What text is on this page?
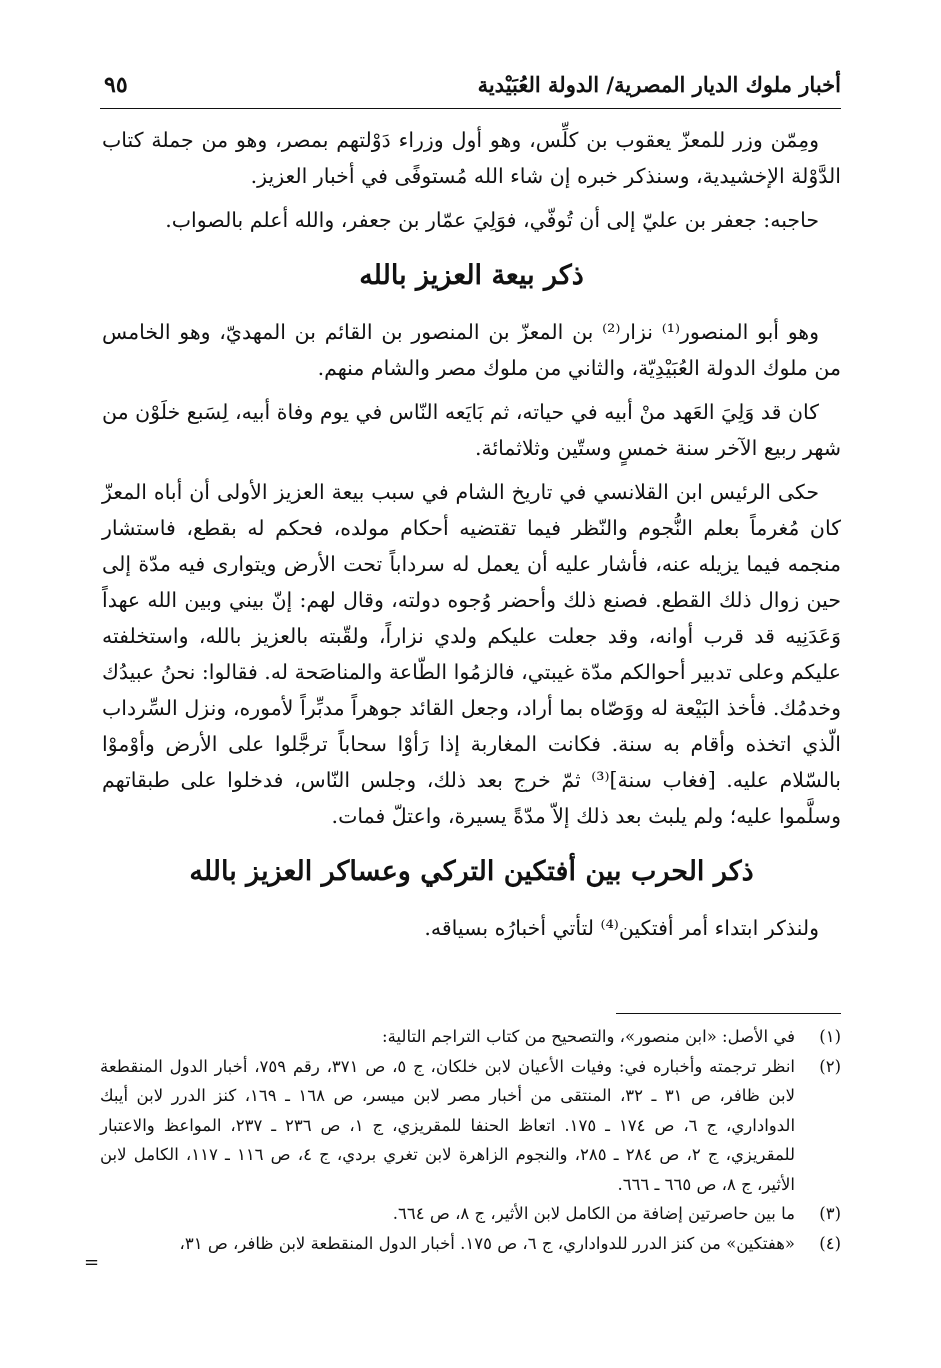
أخبار ملوك الديار المصرية/ الدولة العُبَيْدية
٩٥

ومِمّن وزر للمعزّ يعقوب بن كلِّس، وهو أول وزراء دَوْلتهم بمصر، وهو من جملة كتاب الدَّوْلة الإخشيدية، وسنذكر خبره إن شاء الله مُستوفًى في أخبار العزيز.

حاجبه: جعفر بن عليّ إلى أن تُوفّي، فوَلِيَ عمّار بن جعفر، والله أعلم بالصواب.

ذكر بيعة العزيز بالله

وهو أبو المنصور⁽¹⁾ نزار⁽²⁾ بن المعزّ بن المنصور بن القائم بن المهديّ، وهو الخامس من ملوك الدولة العُبَيْدِيّة، والثاني من ملوك مصر والشام منهم.

كان قد وَلِيَ العَهد منْ أبيه في حياته، ثم بَايَعه النّاس في يوم وفاة أبيه، لِسَبع خلَوْن من شهر ربيع الآخر سنة خمسٍ وستّين وثلاثمائة.

حكى الرئيس ابن القلانسي في تاريخ الشام في سبب بيعة العزيز الأولى أن أباه المعزّ كان مُغرماً بعلم النُّجوم والنّظر فيما تقتضيه أحكام مولده، فحكم له بقطع، فاستشار منجمه فيما يزيله عنه، فأشار عليه أن يعمل له سرداباً تحت الأرض ويتوارى فيه مدّة إلى حين زوال ذلك القطع. فصنع ذلك وأحضر وُجوه دولته، وقال لهم: إنّ بيني وبين الله عهداً وَعَدَنِيه قد قرب أوانه، وقد جعلت عليكم ولدي نزاراً، ولقّبته بالعزيز بالله، واستخلفته عليكم وعلى تدبير أحوالكم مدّة غيبتي، فالزمُوا الطّاعة والمناصَحة له. فقالوا: نحنُ عبيدُك وخدمُك. فأخذ البَيْعة له ووَصّاه بما أراد، وجعل القائد جوهراً مدبِّراً لأموره، ونزل السِّرداب الّذي اتخذه وأقام به سنة. فكانت المغاربة إذا رَأوْا سحاباً ترجَّلوا على الأرض وأوْموْا بالسّلام عليه. [فغاب سنة]⁽³⁾ ثمّ خرج بعد ذلك، وجلس النّاس، فدخلوا على طبقاتهم وسلَّموا عليه؛ ولم يلبث بعد ذلك إلاّ مدّةً يسيرة، واعتلّ فمات.

ذكر الحرب بين أفتكين التركي وعساكر العزيز بالله

ولنذكر ابتداء أمر أفتكين⁽⁴⁾ لتأتي أخبارُه بسياقه.

(١)
في الأصل: «ابن منصور»، والتصحيح من كتاب التراجم التالية:
(٢)
انظر ترجمته وأخباره في: وفيات الأعيان لابن خلكان، ج ٥، ص ٣٧١، رقم ٧٥٩، أخبار الدول المنقطعة لابن ظافر، ص ٣١ ـ ٣٢، المنتقى من أخبار مصر لابن ميسر، ص ١٦٨ ـ ١٦٩، كنز الدرر لابن أيبك الدواداري، ج ٦، ص ١٧٤ ـ ١٧٥. اتعاظ الحنفا للمقريزي، ج ١، ص ٢٣٦ ـ ٢٣٧، المواعظ والاعتبار للمقريزي، ج ٢، ص ٢٨٤ ـ ٢٨٥، والنجوم الزاهرة لابن تغري بردي، ج ٤، ص ١١٦ ـ ١١٧، الكامل لابن الأثير، ج ٨، ص ٦٦٥ ـ ٦٦٦.
(٣)
ما بين حاصرتين إضافة من الكامل لابن الأثير، ج ٨، ص ٦٦٤.
(٤)
«هفتكين» من كنز الدرر للدواداري، ج ٦، ص ١٧٥. أخبار الدول المنقطعة لابن ظافر، ص ٣١،
=
